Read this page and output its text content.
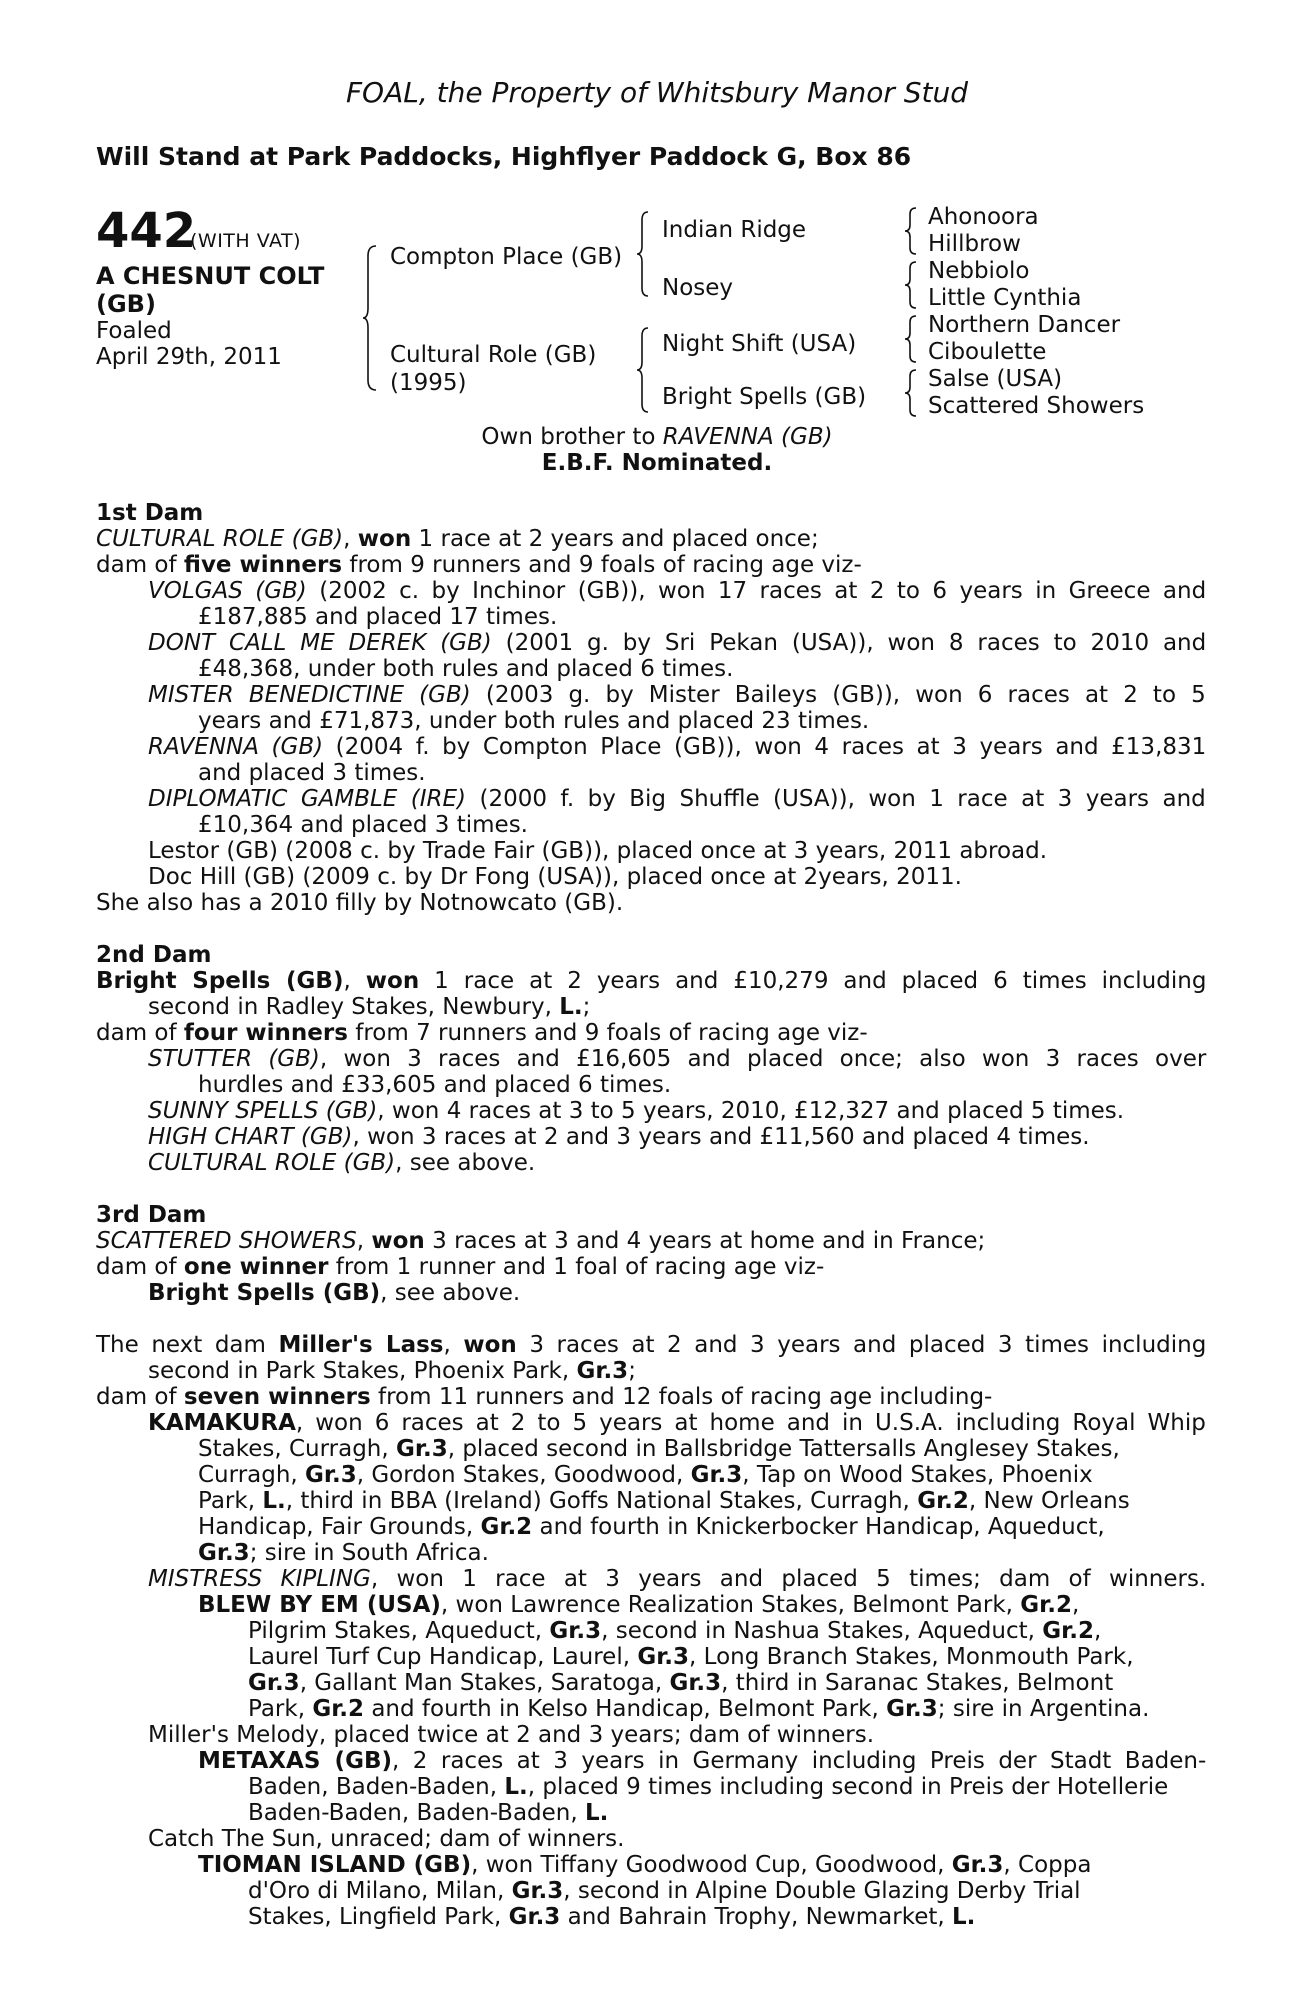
FOAL, the Property of Whitsbury Manor Stud
Will Stand at Park Paddocks, Highflyer Paddock G, Box 86
442
(WITH VAT)
A CHESNUT COLT
(GB)
Foaled
April 29th, 2011
Compton Place (GB)
Cultural Role (GB)
(1995)
Indian Ridge
Nosey
Night Shift (USA)
Bright Spells (GB)
Ahonoora
Hillbrow
Nebbiolo
Little Cynthia
Northern Dancer
Ciboulette
Salse (USA)
Scattered Showers
Own brother to RAVENNA (GB)
E.B.F. Nominated.
1st Dam
CULTURAL ROLE (GB), won 1 race at 2 years and placed once;
dam of five winners from 9 runners and 9 foals of racing age viz-
VOLGAS (GB) (2002 c. by Inchinor (GB)), won 17 races at 2 to 6 years in Greece and
£187,885 and placed 17 times.
DONT CALL ME DEREK (GB) (2001 g. by Sri Pekan (USA)), won 8 races to 2010 and
£48,368, under both rules and placed 6 times.
MISTER BENEDICTINE (GB) (2003 g. by Mister Baileys (GB)), won 6 races at 2 to 5
years and £71,873, under both rules and placed 23 times.
RAVENNA (GB) (2004 f. by Compton Place (GB)), won 4 races at 3 years and £13,831
and placed 3 times.
DIPLOMATIC GAMBLE (IRE) (2000 f. by Big Shuffle (USA)), won 1 race at 3 years and
£10,364 and placed 3 times.
Lestor (GB) (2008 c. by Trade Fair (GB)), placed once at 3 years, 2011 abroad.
Doc Hill (GB) (2009 c. by Dr Fong (USA)), placed once at 2years, 2011.
She also has a 2010 filly by Notnowcato (GB).
2nd Dam
Bright Spells (GB), won 1 race at 2 years and £10,279 and placed 6 times including
second in Radley Stakes, Newbury, L.;
dam of four winners from 7 runners and 9 foals of racing age viz-
STUTTER (GB), won 3 races and £16,605 and placed once; also won 3 races over
hurdles and £33,605 and placed 6 times.
SUNNY SPELLS (GB), won 4 races at 3 to 5 years, 2010, £12,327 and placed 5 times.
HIGH CHART (GB), won 3 races at 2 and 3 years and £11,560 and placed 4 times.
CULTURAL ROLE (GB), see above.
3rd Dam
SCATTERED SHOWERS, won 3 races at 3 and 4 years at home and in France;
dam of one winner from 1 runner and 1 foal of racing age viz-
Bright Spells (GB), see above.
The next dam Miller's Lass, won 3 races at 2 and 3 years and placed 3 times including
second in Park Stakes, Phoenix Park, Gr.3;
dam of seven winners from 11 runners and 12 foals of racing age including-
KAMAKURA, won 6 races at 2 to 5 years at home and in U.S.A. including Royal Whip
Stakes, Curragh, Gr.3, placed second in Ballsbridge Tattersalls Anglesey Stakes,
Curragh, Gr.3, Gordon Stakes, Goodwood, Gr.3, Tap on Wood Stakes, Phoenix
Park, L., third in BBA (Ireland) Goffs National Stakes, Curragh, Gr.2, New Orleans
Handicap, Fair Grounds, Gr.2 and fourth in Knickerbocker Handicap, Aqueduct,
Gr.3; sire in South Africa.
MISTRESS KIPLING, won 1 race at 3 years and placed 5 times; dam of winners.
BLEW BY EM (USA), won Lawrence Realization Stakes, Belmont Park, Gr.2,
Pilgrim Stakes, Aqueduct, Gr.3, second in Nashua Stakes, Aqueduct, Gr.2,
Laurel Turf Cup Handicap, Laurel, Gr.3, Long Branch Stakes, Monmouth Park,
Gr.3, Gallant Man Stakes, Saratoga, Gr.3, third in Saranac Stakes, Belmont
Park, Gr.2 and fourth in Kelso Handicap, Belmont Park, Gr.3; sire in Argentina.
Miller's Melody, placed twice at 2 and 3 years; dam of winners.
METAXAS (GB), 2 races at 3 years in Germany including Preis der Stadt Baden-
Baden, Baden-Baden, L., placed 9 times including second in Preis der Hotellerie
Baden-Baden, Baden-Baden, L.
Catch The Sun, unraced; dam of winners.
TIOMAN ISLAND (GB), won Tiffany Goodwood Cup, Goodwood, Gr.3, Coppa
d'Oro di Milano, Milan, Gr.3, second in Alpine Double Glazing Derby Trial
Stakes, Lingfield Park, Gr.3 and Bahrain Trophy, Newmarket, L.
